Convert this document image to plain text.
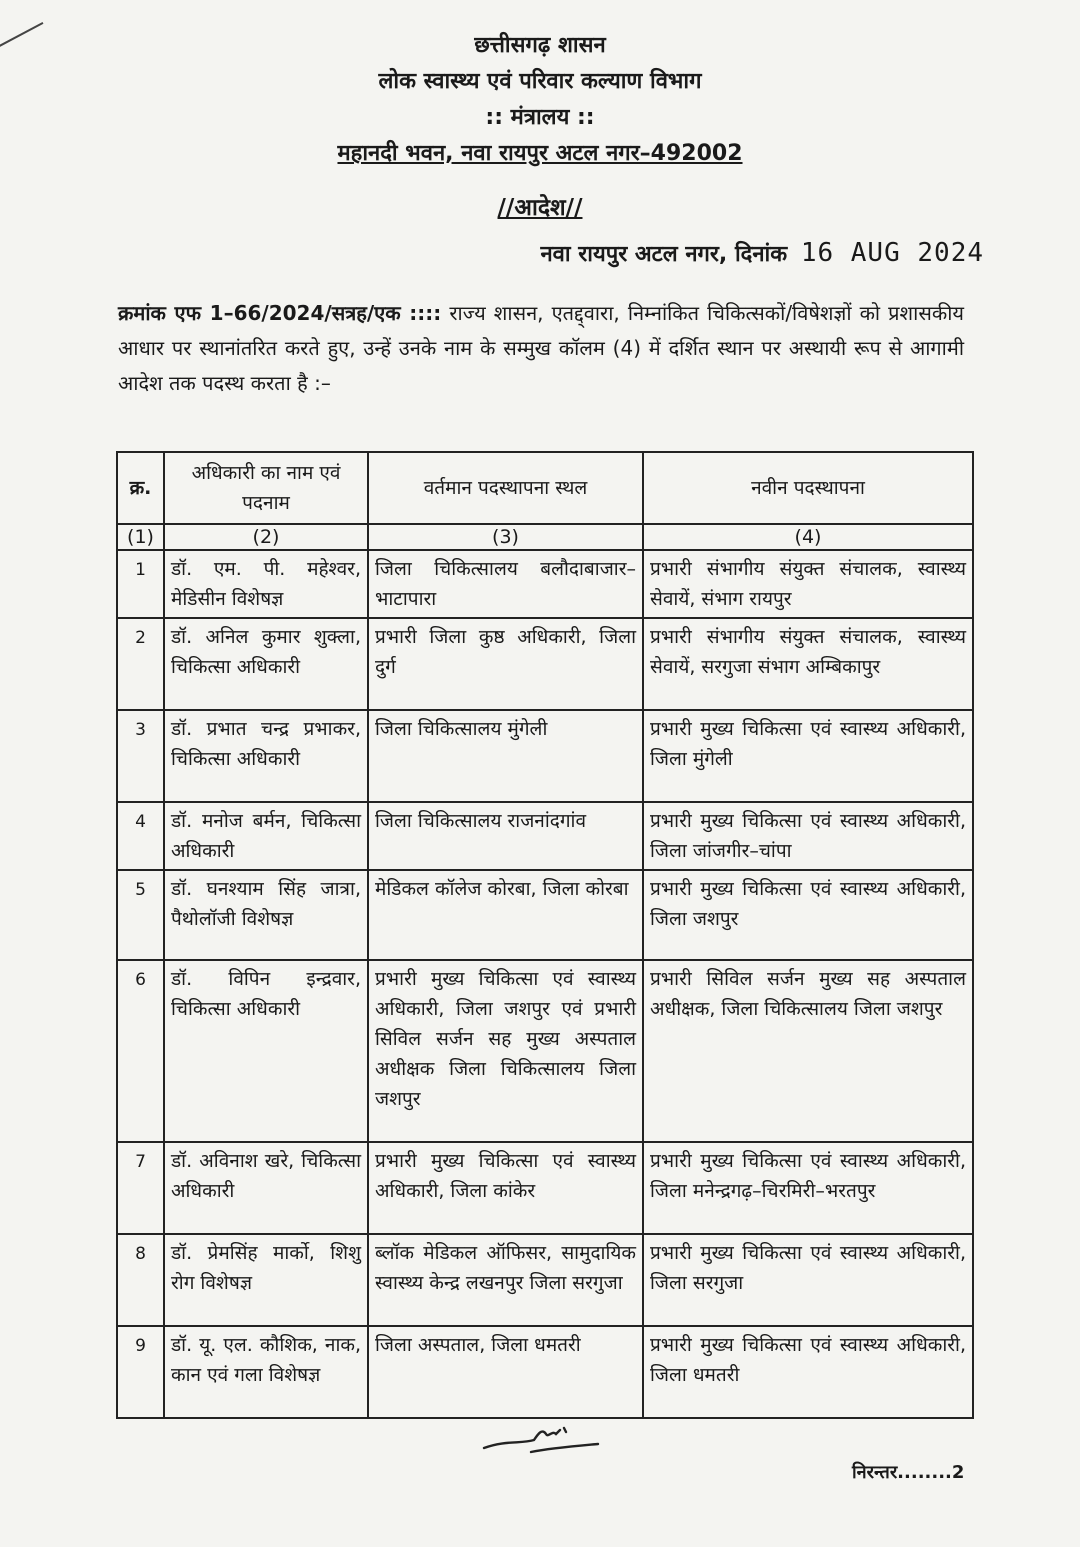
छत्तीसगढ़ शासन
लोक स्वास्थ्य एवं परिवार कल्याण विभाग
:: मंत्रालय ::
महानदी भवन, नवा रायपुर अटल नगर–492002
//आदेश//
नवा रायपुर अटल नगर, दिनांक 16 AUG 2024
क्रमांक एफ 1–66/2024/सत्रह/एक :::: राज्य शासन, एतद्द्वारा, निम्नांकित चिकित्सकों/विषेशज्ञों को प्रशासकीय आधार पर स्थानांतरित करते हुए, उन्हें उनके नाम के सम्मुख कॉलम (4) में दर्शित स्थान पर अस्थायी रूप से आगामी आदेश तक पदस्थ करता है :–
क्र.	अधिकारी का नाम एवं पदनाम	वर्तमान पदस्थापना स्थल	नवीन पदस्थापना
(1)	(2)	(3)	(4)
1	डॉ. एम. पी. महेश्वर, मेडिसीन विशेषज्ञ	जिला चिकित्सालय बलौदाबाजार–भाटापारा	प्रभारी संभागीय संयुक्त संचालक, स्वास्थ्य सेवायें, संभाग रायपुर
2	डॉ. अनिल कुमार शुक्ला, चिकित्सा अधिकारी	प्रभारी जिला कुष्ठ अधिकारी, जिला दुर्ग	प्रभारी संभागीय संयुक्त संचालक, स्वास्थ्य सेवायें, सरगुजा संभाग अम्बिकापुर
3	डॉ. प्रभात चन्द्र प्रभाकर, चिकित्सा अधिकारी	जिला चिकित्सालय मुंगेली	प्रभारी मुख्य चिकित्सा एवं स्वास्थ्य अधिकारी, जिला मुंगेली
4	डॉ. मनोज बर्मन, चिकित्सा अधिकारी	जिला चिकित्सालय राजनांदगांव	प्रभारी मुख्य चिकित्सा एवं स्वास्थ्य अधिकारी, जिला जांजगीर–चांपा
5	डॉ. घनश्याम सिंह जात्रा, पैथोलॉजी विशेषज्ञ	मेडिकल कॉलेज कोरबा, जिला कोरबा	प्रभारी मुख्य चिकित्सा एवं स्वास्थ्य अधिकारी, जिला जशपुर
6	डॉ. विपिन इन्द्रवार, चिकित्सा अधिकारी	प्रभारी मुख्य चिकित्सा एवं स्वास्थ्य अधिकारी, जिला जशपुर एवं प्रभारी सिविल सर्जन सह मुख्य अस्पताल अधीक्षक जिला चिकित्सालय जिला जशपुर	प्रभारी सिविल सर्जन मुख्य सह अस्पताल अधीक्षक, जिला चिकित्सालय जिला जशपुर
7	डॉ. अविनाश खरे, चिकित्सा अधिकारी	प्रभारी मुख्य चिकित्सा एवं स्वास्थ्य अधिकारी, जिला कांकेर	प्रभारी मुख्य चिकित्सा एवं स्वास्थ्य अधिकारी, जिला मनेन्द्रगढ़–चिरमिरी–भरतपुर
8	डॉ. प्रेमसिंह मार्को, शिशु रोग विशेषज्ञ	ब्लॉक मेडिकल ऑफिसर, सामुदायिक स्वास्थ्य केन्द्र लखनपुर जिला सरगुजा	प्रभारी मुख्य चिकित्सा एवं स्वास्थ्य अधिकारी, जिला सरगुजा
9	डॉ. यू. एल. कौशिक, नाक, कान एवं गला विशेषज्ञ	जिला अस्पताल, जिला धमतरी	प्रभारी मुख्य चिकित्सा एवं स्वास्थ्य अधिकारी, जिला धमतरी
निरन्तर........2
